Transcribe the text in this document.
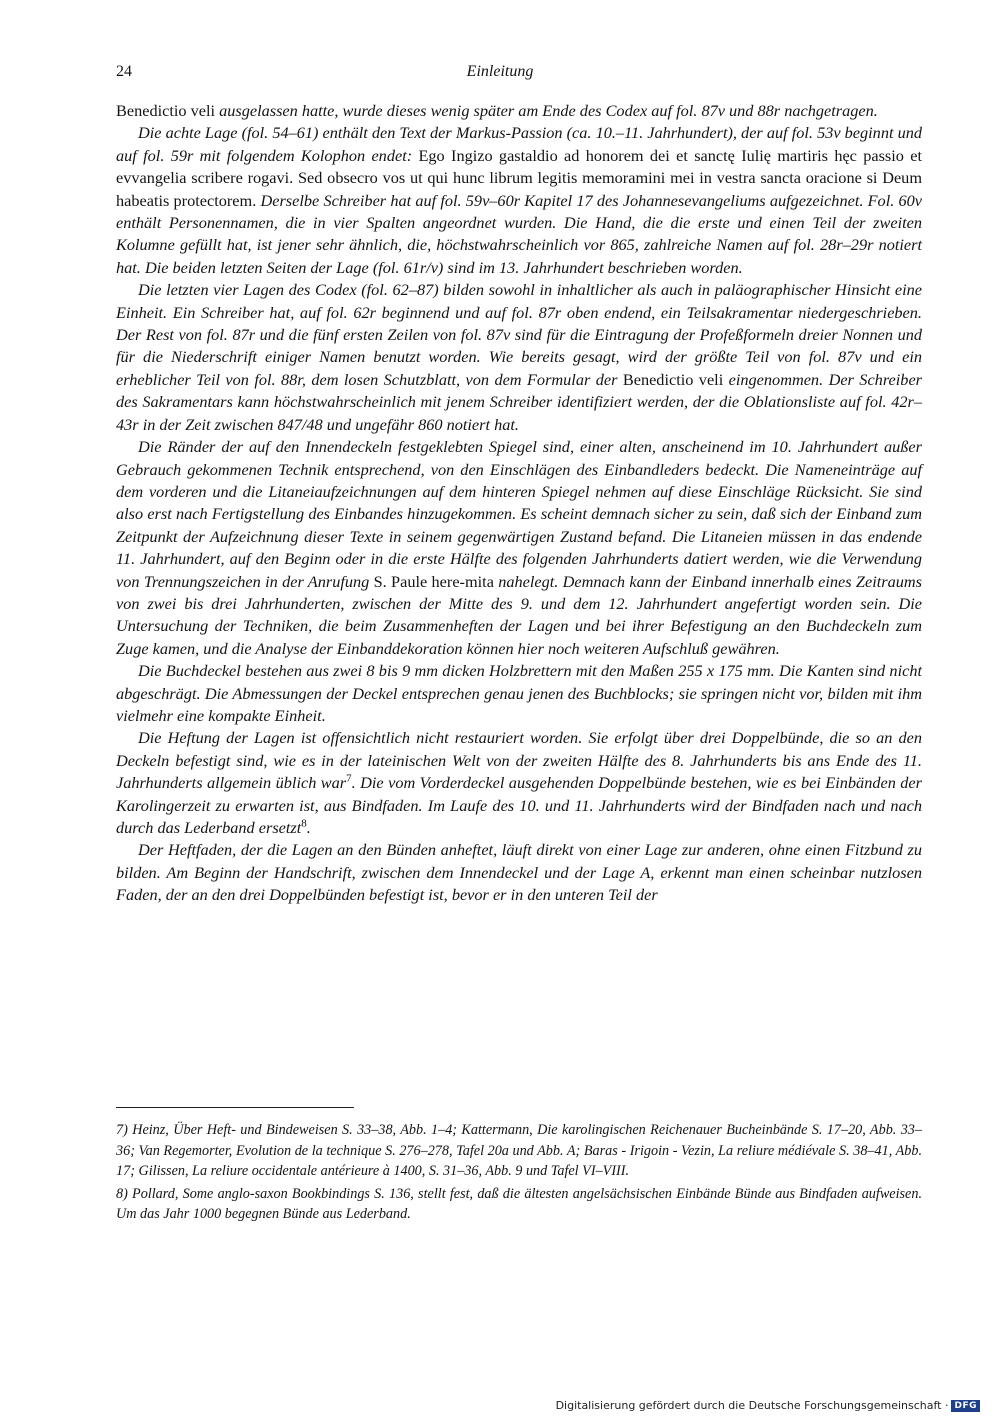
24	Einleitung

Benedictio veli ausgelassen hatte, wurde dieses wenig später am Ende des Codex auf fol. 87v und 88r nachgetragen.

Die achte Lage (fol. 54–61) enthält den Text der Markus-Passion (ca. 10.–11. Jahrhundert), der auf fol. 53v beginnt und auf fol. 59r mit folgendem Kolophon endet: Ego Ingizo gastaldio ad honorem dei et sanctę Iulię martiris hęc passio et evvangelia scribere rogavi. Sed obsecro vos ut qui hunc librum legitis memoramini mei in vestra sancta oracione si Deum habeatis protectorem. Derselbe Schreiber hat auf fol. 59v–60r Kapitel 17 des Johannesevangeliums aufgezeichnet. Fol. 60v enthält Personennamen, die in vier Spalten angeordnet wurden. Die Hand, die die erste und einen Teil der zweiten Kolumne gefüllt hat, ist jener sehr ähnlich, die, höchstwahrscheinlich vor 865, zahlreiche Namen auf fol. 28r–29r notiert hat. Die beiden letzten Seiten der Lage (fol. 61r/v) sind im 13. Jahrhundert beschrieben worden.

Die letzten vier Lagen des Codex (fol. 62–87) bilden sowohl in inhaltlicher als auch in paläographischer Hinsicht eine Einheit. Ein Schreiber hat, auf fol. 62r beginnend und auf fol. 87r oben endend, ein Teilsakramentar niedergeschrieben. Der Rest von fol. 87r und die fünf ersten Zeilen von fol. 87v sind für die Eintragung der Profeßformeln dreier Nonnen und für die Niederschrift einiger Namen benutzt worden. Wie bereits gesagt, wird der größte Teil von fol. 87v und ein erheblicher Teil von fol. 88r, dem losen Schutzblatt, von dem Formular der Benedictio veli eingenommen. Der Schreiber des Sakramentars kann höchstwahrscheinlich mit jenem Schreiber identifiziert werden, der die Oblationsliste auf fol. 42r–43r in der Zeit zwischen 847/48 und ungefähr 860 notiert hat.

Die Ränder der auf den Innendeckeln festgeklebten Spiegel sind, einer alten, anscheinend im 10. Jahrhundert außer Gebrauch gekommenen Technik entsprechend, von den Einschlägen des Einbandleders bedeckt. Die Nameneinträge auf dem vorderen und die Litaneiaufzeichnungen auf dem hinteren Spiegel nehmen auf diese Einschläge Rücksicht. Sie sind also erst nach Fertigstellung des Einbandes hinzugekommen. Es scheint demnach sicher zu sein, daß sich der Einband zum Zeitpunkt der Aufzeichnung dieser Texte in seinem gegenwärtigen Zustand befand. Die Litaneien müssen in das endende 11. Jahrhundert, auf den Beginn oder in die erste Hälfte des folgenden Jahrhunderts datiert werden, wie die Verwendung von Trennungszeichen in der Anrufung S. Paule here-mita nahelegt. Demnach kann der Einband innerhalb eines Zeitraums von zwei bis drei Jahrhunderten, zwischen der Mitte des 9. und dem 12. Jahrhundert angefertigt worden sein. Die Untersuchung der Techniken, die beim Zusammenheften der Lagen und bei ihrer Befestigung an den Buchdeckeln zum Zuge kamen, und die Analyse der Einbanddekoration können hier noch weiteren Aufschluß gewähren.

Die Buchdeckel bestehen aus zwei 8 bis 9 mm dicken Holzbrettern mit den Maßen 255 x 175 mm. Die Kanten sind nicht abgeschrägt. Die Abmessungen der Deckel entsprechen genau jenen des Buchblocks; sie springen nicht vor, bilden mit ihm vielmehr eine kompakte Einheit.

Die Heftung der Lagen ist offensichtlich nicht restauriert worden. Sie erfolgt über drei Doppelbünde, die so an den Deckeln befestigt sind, wie es in der lateinischen Welt von der zweiten Hälfte des 8. Jahrhunderts bis ans Ende des 11. Jahrhunderts allgemein üblich war$^7$. Die vom Vorderdeckel ausgehenden Doppelbünde bestehen, wie es bei Einbänden der Karolingerzeit zu erwarten ist, aus Bindfaden. Im Laufe des 10. und 11. Jahrhunderts wird der Bindfaden nach und nach durch das Lederband ersetzt$^8$.

Der Heftfaden, der die Lagen an den Bünden anheftet, läuft direkt von einer Lage zur anderen, ohne einen Fitzbund zu bilden. Am Beginn der Handschrift, zwischen dem Innendeckel und der Lage A, erkennt man einen scheinbar nutzlosen Faden, der an den drei Doppelbünden befestigt ist, bevor er in den unteren Teil der

7) Heinz, Über Heft- und Bindeweisen S. 33–38, Abb. 1–4; Kattermann, Die karolingischen Reichenauer Bucheinbände S. 17–20, Abb. 33–36; Van Regemorter, Evolution de la technique S. 276–278, Tafel 20a und Abb. A; Baras - Irigoin - Vezin, La reliure médiévale S. 38–41, Abb. 17; Gilissen, La reliure occidentale antérieure à 1400, S. 31–36, Abb. 9 und Tafel VI–VIII.

8) Pollard, Some anglo-saxon Bookbindings S. 136, stellt fest, daß die ältesten angelsächsischen Einbände Bünde aus Bindfaden aufweisen. Um das Jahr 1000 begegnen Bünde aus Lederband.

Digitalisierung gefördert durch die Deutsche Forschungsgemeinschaft · DFG
